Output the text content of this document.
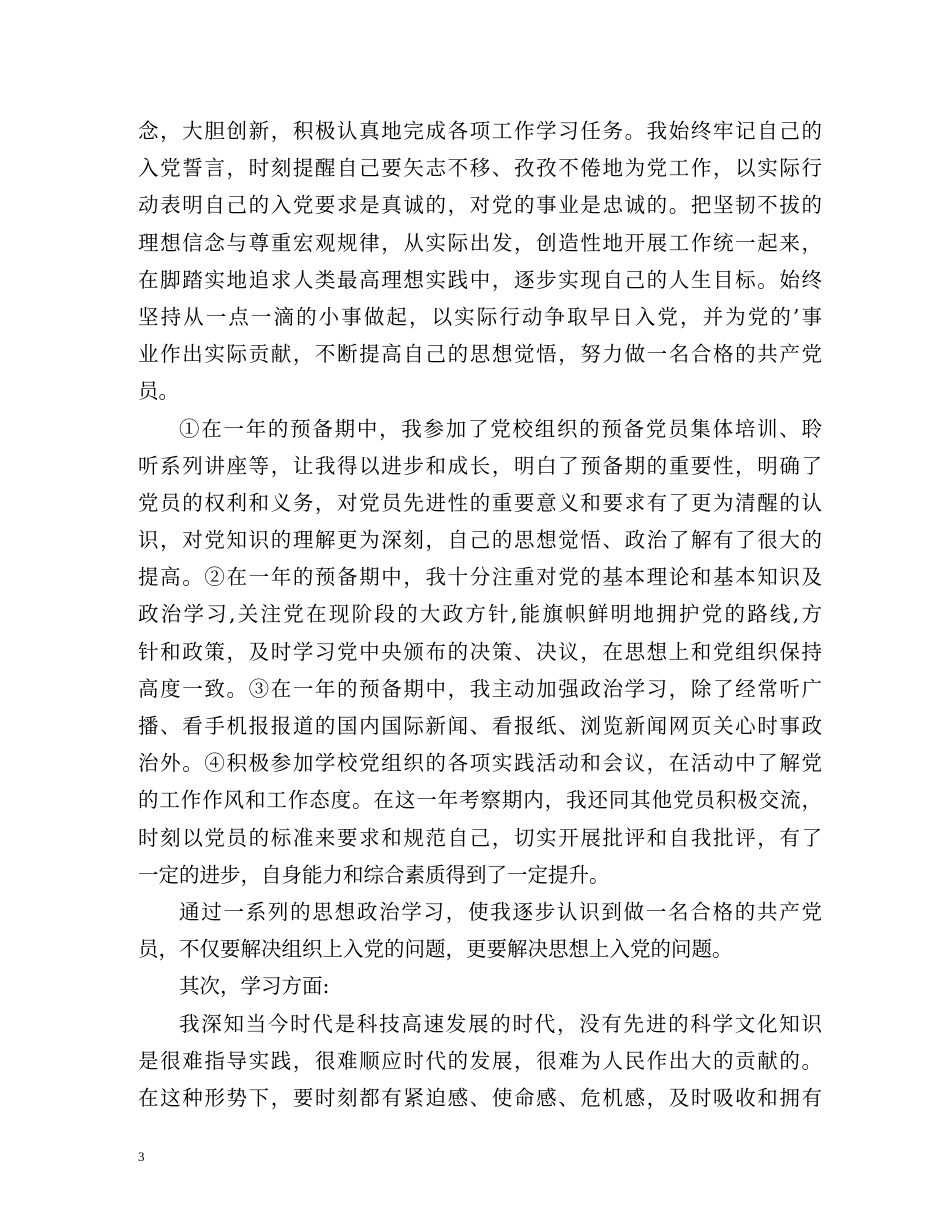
念，大胆创新，积极认真地完成各项工作学习任务。我始终牢记自己的
入党誓言，时刻提醒自己要矢志不移、孜孜不倦地为党工作，以实际行
动表明自己的入党要求是真诚的，对党的事业是忠诚的。把坚韧不拔的
理想信念与尊重宏观规律，从实际出发，创造性地开展工作统一起来，
在脚踏实地追求人类最高理想实践中，逐步实现自己的人生目标。始终
坚持从一点一滴的小事做起，以实际行动争取早日入党，并为党的’事
业作出实际贡献，不断提高自己的思想觉悟，努力做一名合格的共产党
员。
①在一年的预备期中，我参加了党校组织的预备党员集体培训、聆
听系列讲座等，让我得以进步和成长，明白了预备期的重要性，明确了
党员的权利和义务，对党员先进性的重要意义和要求有了更为清醒的认
识，对党知识的理解更为深刻，自己的思想觉悟、政治了解有了很大的
提高。②在一年的预备期中，我十分注重对党的基本理论和基本知识及
政治学习,关注党在现阶段的大政方针,能旗帜鲜明地拥护党的路线,方
针和政策，及时学习党中央颁布的决策、决议，在思想上和党组织保持
高度一致。③在一年的预备期中，我主动加强政治学习，除了经常听广
播、看手机报报道的国内国际新闻、看报纸、浏览新闻网页关心时事政
治外。④积极参加学校党组织的各项实践活动和会议，在活动中了解党
的工作作风和工作态度。在这一年考察期内，我还同其他党员积极交流，
时刻以党员的标准来要求和规范自己，切实开展批评和自我批评，有了
一定的进步，自身能力和综合素质得到了一定提升。
通过一系列的思想政治学习，使我逐步认识到做一名合格的共产党
员，不仅要解决组织上入党的问题，更要解决思想上入党的问题。
其次，学习方面:
我深知当今时代是科技高速发展的时代，没有先进的科学文化知识
是很难指导实践，很难顺应时代的发展，很难为人民作出大的贡献的。
在这种形势下，要时刻都有紧迫感、使命感、危机感，及时吸收和拥有
3
